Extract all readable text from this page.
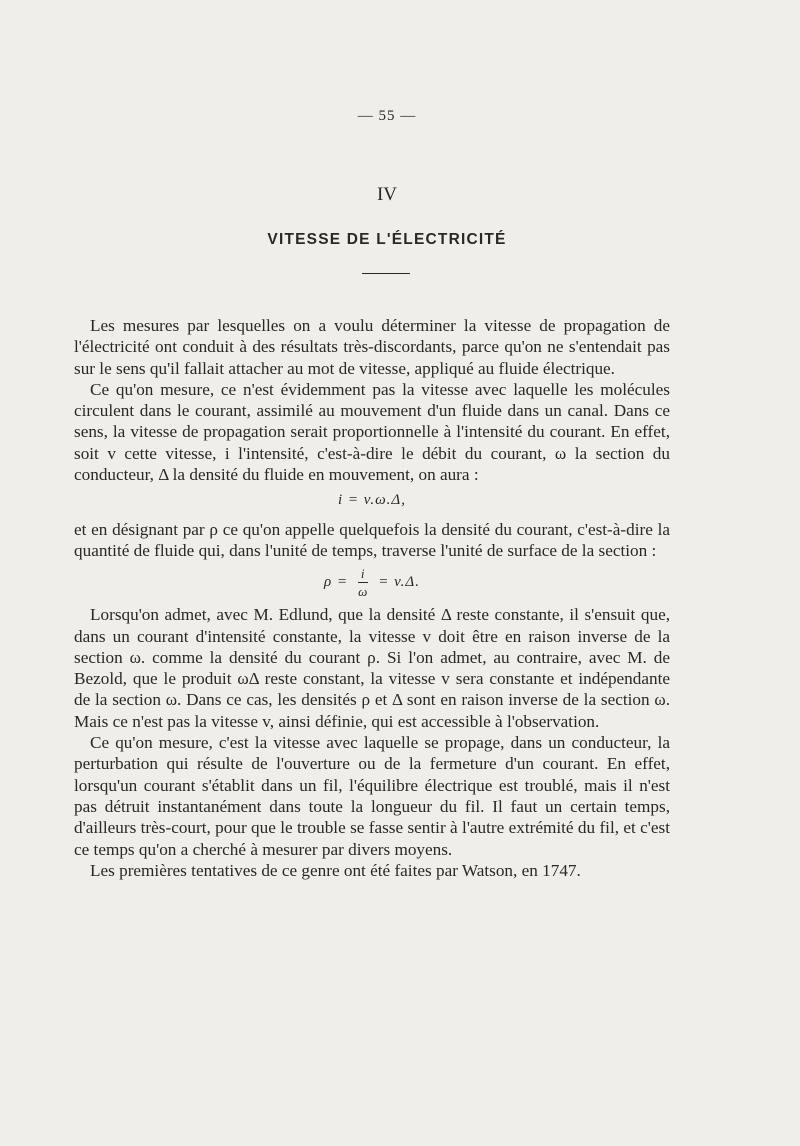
— 55 —
IV
VITESSE DE L'ÉLECTRICITÉ

Les mesures par lesquelles on a voulu déterminer la vitesse de propagation de l'électricité ont conduit à des résultats très-discordants, parce qu'on ne s'entendait pas sur le sens qu'il fallait attacher au mot de vitesse, appliqué au fluide électrique.

Ce qu'on mesure, ce n'est évidemment pas la vitesse avec laquelle les molécules circulent dans le courant, assimilé au mouvement d'un fluide dans un canal. Dans ce sens, la vitesse de propagation serait proportionnelle à l'intensité du courant. En effet, soit v cette vitesse, i l'intensité, c'est-à-dire le débit du courant, ω la section du conducteur, Δ la densité du fluide en mouvement, on aura :

i = v.ω.Δ,

et en désignant par ρ ce qu'on appelle quelquefois la densité du courant, c'est-à-dire la quantité de fluide qui, dans l'unité de temps, traverse l'unité de surface de la section :

$\rho = \frac{i}{\omega} = v.\Delta$.

Lorsqu'on admet, avec M. Edlund, que la densité Δ reste constante, il s'ensuit que, dans un courant d'intensité constante, la vitesse v doit être en raison inverse de la section ω. comme la densité du courant ρ. Si l'on admet, au contraire, avec M. de Bezold, que le produit ωΔ reste constant, la vitesse v sera constante et indépendante de la section ω. Dans ce cas, les densités ρ et Δ sont en raison inverse de la section ω. Mais ce n'est pas la vitesse v, ainsi définie, qui est accessible à l'observation.

Ce qu'on mesure, c'est la vitesse avec laquelle se propage, dans un conducteur, la perturbation qui résulte de l'ouverture ou de la fermeture d'un courant. En effet, lorsqu'un courant s'établit dans un fil, l'équilibre électrique est troublé, mais il n'est pas détruit instantanément dans toute la longueur du fil. Il faut un certain temps, d'ailleurs très-court, pour que le trouble se fasse sentir à l'autre extrémité du fil, et c'est ce temps qu'on a cherché à mesurer par divers moyens.

Les premières tentatives de ce genre ont été faites par Watson, en 1747.
